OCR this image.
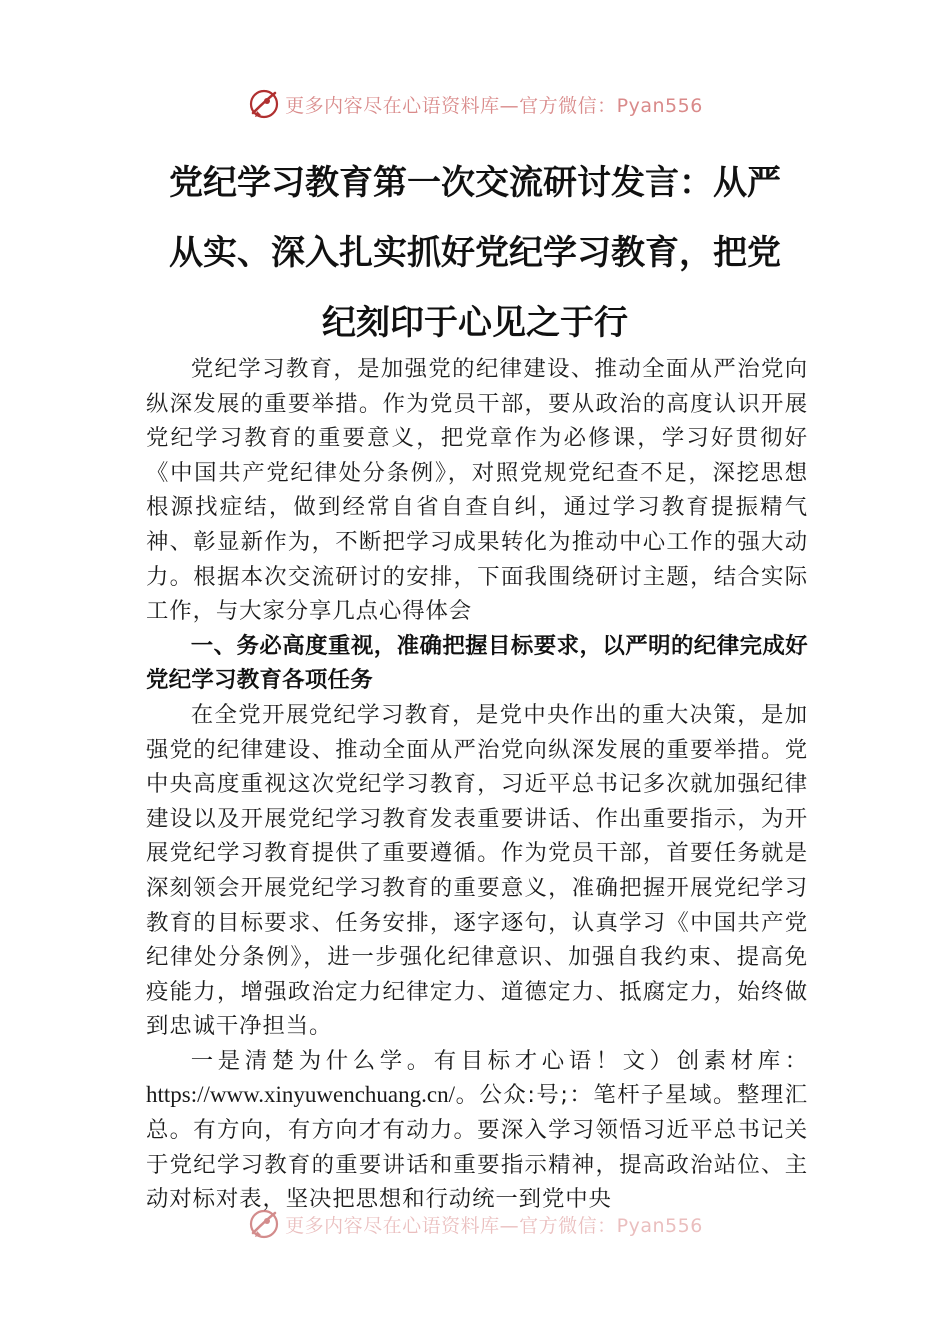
更多内容尽在心语资料库—官方微信：Pyan556
党纪学习教育第一次交流研讨发言：从严
从实、深入扎实抓好党纪学习教育，把党
纪刻印于心见之于行

党纪学习教育，是加强党的纪律建设、推动全面从严治党向纵深发展的重要举措。作为党员干部，要从政治的高度认识开展党纪学习教育的重要意义，把党章作为必修课，学习好贯彻好《中国共产党纪律处分条例》，对照党规党纪查不足，深挖思想根源找症结，做到经常自省自查自纠，通过学习教育提振精气神、彰显新作为，不断把学习成果转化为推动中心工作的强大动力。根据本次交流研讨的安排，下面我围绕研讨主题，结合实际工作，与大家分享几点心得体会

一、务必高度重视，准确把握目标要求，以严明的纪律完成好党纪学习教育各项任务

在全党开展党纪学习教育，是党中央作出的重大决策，是加强党的纪律建设、推动全面从严治党向纵深发展的重要举措。党中央高度重视这次党纪学习教育，习近平总书记多次就加强纪律建设以及开展党纪学习教育发表重要讲话、作出重要指示，为开展党纪学习教育提供了重要遵循。作为党员干部，首要任务就是深刻领会开展党纪学习教育的重要意义，准确把握开展党纪学习教育的目标要求、任务安排，逐字逐句，认真学习《中国共产党纪律处分条例》，进一步强化纪律意识、加强自我约束、提高免疫能力，增强政治定力纪律定力、道德定力、抵腐定力，始终做到忠诚干净担当。

一是清楚为什么学。有目标才心语！文）创素材库：https://www.xinyuwenchuang.cn/。公众:号;：笔杆子星域。整理汇总。有方向，有方向才有动力。要深入学习领悟习近平总书记关于党纪学习教育的重要讲话和重要指示精神，提高政治站位、主动对标对表，坚决把思想和行动统一到党中央

更多内容尽在心语资料库—官方微信：Pyan556
